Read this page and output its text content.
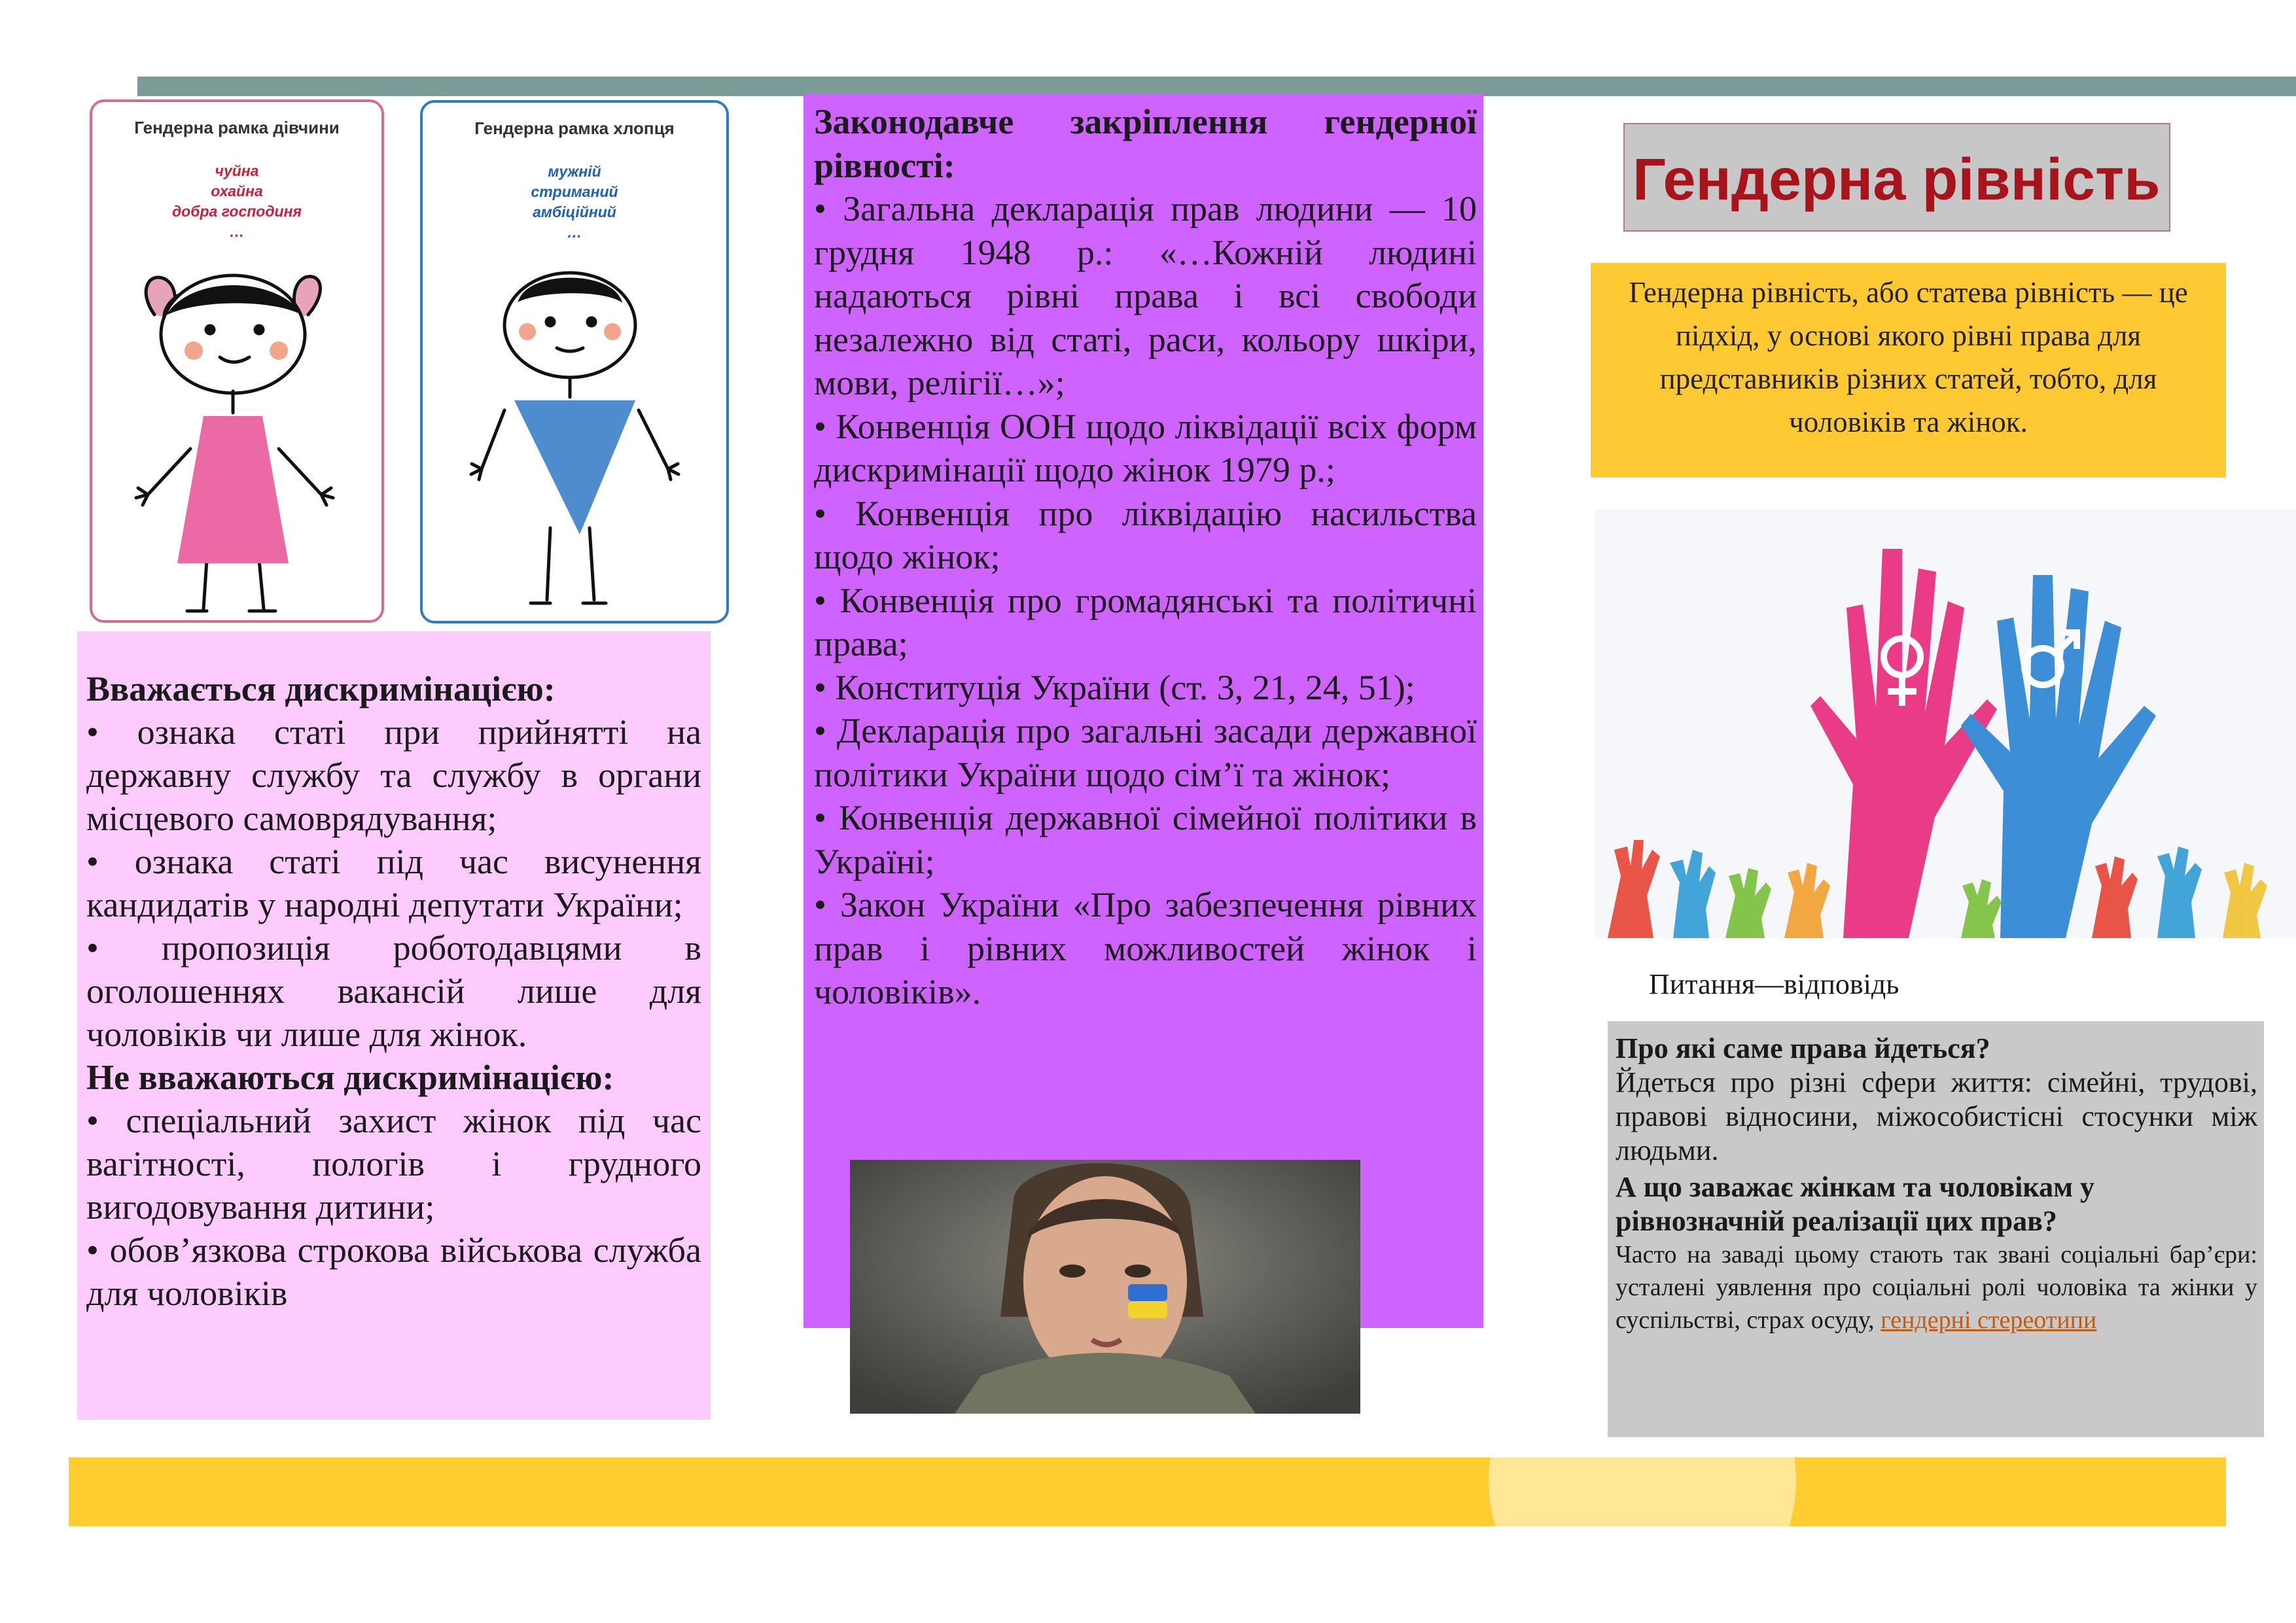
Гендерна рамка дівчини
чуйна
охайна
добра господиня
…
Гендерна рамка хлопця
мужній
стриманий
амбіційний
…

Вважається дискримінацією:

• ознака статі при прийнятті на державну службу та службу в органи місцевого самоврядування;

• ознака статі під час висунення кандидатів у народні депутати України;

• пропозиція роботодавцями в оголошеннях вакансій лише для чоловіків чи лише для жінок.

Не вважаються дискримінацією:

• спеціальний захист жінок під час вагітності, пологів і грудного вигодовування дитини;

• обов’язкова строкова військова служба для чоловіків

Законодавче закріплення гендерної рівності:

• Загальна декларація прав людини — 10 грудня 1948 р.: «…Кожній людині надаються рівні права і всі свободи незалежно від статі, раси, кольору шкіри, мови, релігії…»;

• Конвенція ООН щодо ліквідації всіх форм дискримінації щодо жінок 1979 р.;

• Конвенція про ліквідацію насильства щодо жінок;

• Конвенція про громадянські та політичні права;

• Конституція України (ст. 3, 21, 24, 51);

• Декларація про загальні засади державної політики України щодо сім’ї та жінок;

• Конвенція державної сімейної політики в Україні;

• Закон України «Про забезпечення рівних прав і рівних можливостей жінок і чоловіків».

Гендерна рівність
Гендерна рівність, або статева рівність — це підхід, у основі якого рівні права для представників різних статей, тобто, для чоловіків та жінок.
Питання—відповідь

Про які саме права йдеться?

Йдеться про різні сфери життя: сімейні, трудові, правові відносини, міжособистісні стосунки між людьми.

А що заважає жінкам та чоловікам у рівнозначній реалізації цих прав?

Часто на заваді цьому стають так звані соціальні бар’єри: усталені уявлення про соціальні ролі чоловіка та жінки у суспільстві, страх осуду, гендерні стереотипи
